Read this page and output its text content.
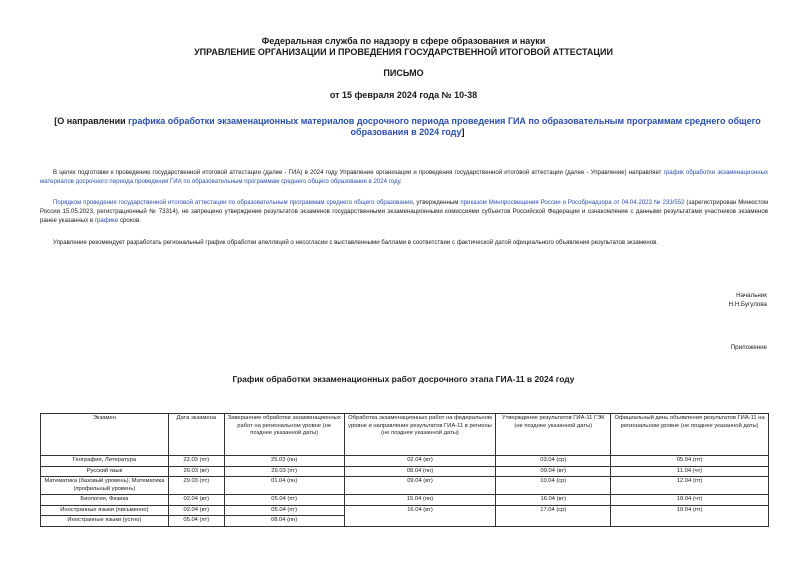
Федеральная служба по надзору в сфере образования и науки
УПРАВЛЕНИЕ ОРГАНИЗАЦИИ И ПРОВЕДЕНИЯ ГОСУДАРСТВЕННОЙ ИТОГОВОЙ АТТЕСТАЦИИ
ПИСЬМО
от 15 февраля 2024 года № 10-38
[О направлении графика обработки экзаменационных материалов досрочного периода проведения ГИА по образовательным программам среднего общего образования в 2024 году]
В целях подготовки к проведению государственной итоговой аттестации (далее - ГИА) в 2024 году Управление организации и проведения государственной итоговой аттестации (далее - Управление) направляет график обработки экзаменационных материалов досрочного периода проведения ГИА по образовательным программам среднего общего образования в 2024 году.
Порядком проведения государственной итоговой аттестации по образовательным программам среднего общего образования, утвержденным приказом Минпросвещения России и Рособрнадзора от 04.04.2023 № 233/552 (зарегистрирован Минюстом России 15.05.2023, регистрационный № 73314), не запрещено утверждение результатов экзаменов государственными экзаменационными комиссиями субъектов Российской Федерации и ознакомление с данными результатами участников экзаменов ранее указанных в графике сроков.
Управление рекомендует разработать региональный график обработки апелляций о несогласии с выставленными баллами в соответствии с фактической датой официального объявления результатов экзаменов.
Начальник
Н.Н.Бугулова
Приложение
График обработки экзаменационных работ досрочного этапа ГИА-11 в 2024 году
Экзамен	Дата экзамена	Завершение обработки экзаменационных работ на региональном уровне (не позднее указанной даты)	Обработка экзаменационных работ на федеральном уровне и направление результатов ГИА-11 в регионы (не позднее указанной даты)	Утверждение результатов ГИА-11 ГЭК (не позднее указанной даты)	Официальный день объявления результатов ГИА-11 на региональном уровне (не позднее указанной даты)
География, Литература	22.03 (пт)	25.03 (пн)	02.04 (вт)	03.04 (ср)	05.04 (пт)
Русский язык	26.03 (вт)	29.03 (пт)	08.04 (пн)	09.04 (вт)	11.04 (чт)
Математика (базовый уровень), Математика (профильный уровень)	29.03 (пт)	01.04 (пн)	09.04 (вт)	10.04 (ср)	12.04 (пт)
Биология, Физика	02.04 (вт)	05.04 (пт)	15.04 (пн)	16.04 (вт)	18.04 (чт)
Иностранные языки (письменно)	02.04 (вт)	05.04 (пт)	16.04 (вт)	17.04 (ср)	19.04 (пт)
Иностранные языки (устно)	05.04 (пт)	08.04 (пн)			
